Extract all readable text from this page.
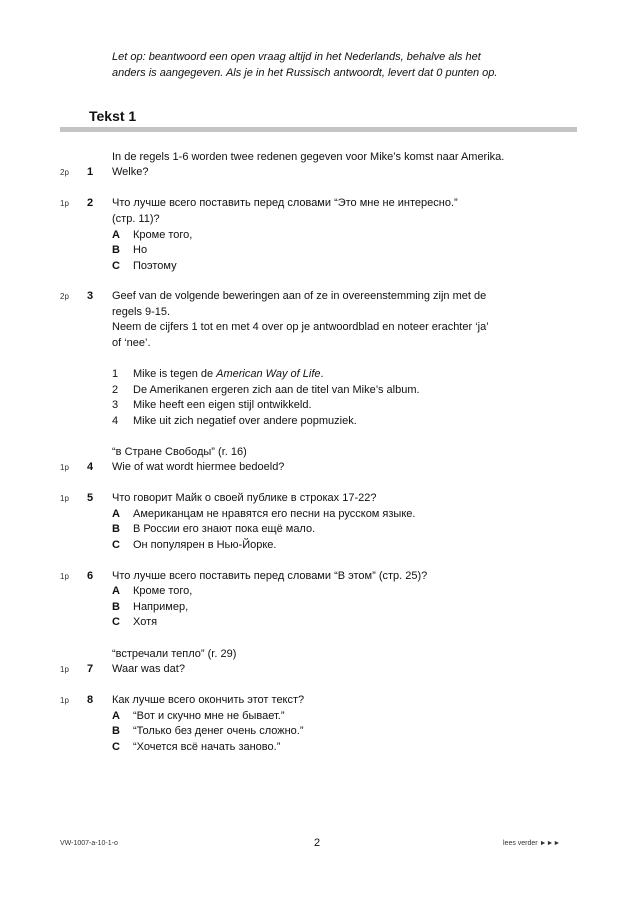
Let op: beantwoord een open vraag altijd in het Nederlands, behalve als het
anders is aangegeven. Als je in het Russisch antwoordt, levert dat 0 punten op.
Tekst 1
In de regels 1-6 worden twee redenen gegeven voor Mike’s komst naar Amerika.
2p 1 Welke?
1p 2 Что лучше всего поставить перед словами “Это мне не интересно.”
(стр. 11)?
A Кроме того,
B Но
C Поэтому
2p 3 Geef van de volgende beweringen aan of ze in overeenstemming zijn met de
regels 9-15.
Neem de cijfers 1 tot en met 4 over op je antwoordblad en noteer erachter ‘ja’
of ‘nee’.
1 Mike is tegen de American Way of Life.
2 De Amerikanen ergeren zich aan de titel van Mike’s album.
3 Mike heeft een eigen stijl ontwikkeld.
4 Mike uit zich negatief over andere popmuziek.
“в Стране Свободы” (r. 16)
1p 4 Wie of wat wordt hiermee bedoeld?
1p 5 Что говорит Майк о своей публике в строках 17-22?
A Американцам не нравятся его песни на русском языке.
B В России его знают пока ещё мало.
C Он популярен в Нью-Йорке.
1p 6 Что лучше всего поставить перед словами “В этом” (стр. 25)?
A Кроме того,
B Например,
C Хотя
“встречали тепло” (r. 29)
1p 7 Waar was dat?
1p 8 Как лучше всего окончить этот текст?
A “Вот и скучно мне не бывает.”
B “Только без денег очень сложно.”
C “Хочется всё начать заново.”
VW-1007-a-10-1-o	2	lees verder ►►►
